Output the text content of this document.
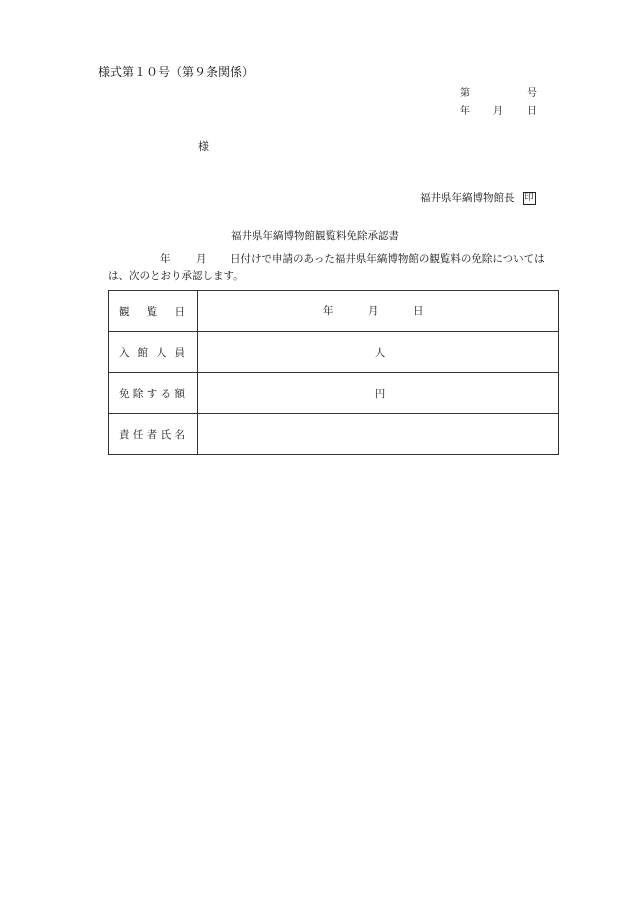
様式第１０号（第９条関係）
第	号
年 月 日
様
福井県年縞博物館長 印
福井県年縞博物館観覧料免除承認書
年 月 日付けで申請のあった福井県年縞博物館の観覧料の免除については
は、次のとおり承認します。
観覧日	年 月 日

入館人員	人

免除する額	円

責任者氏名	
